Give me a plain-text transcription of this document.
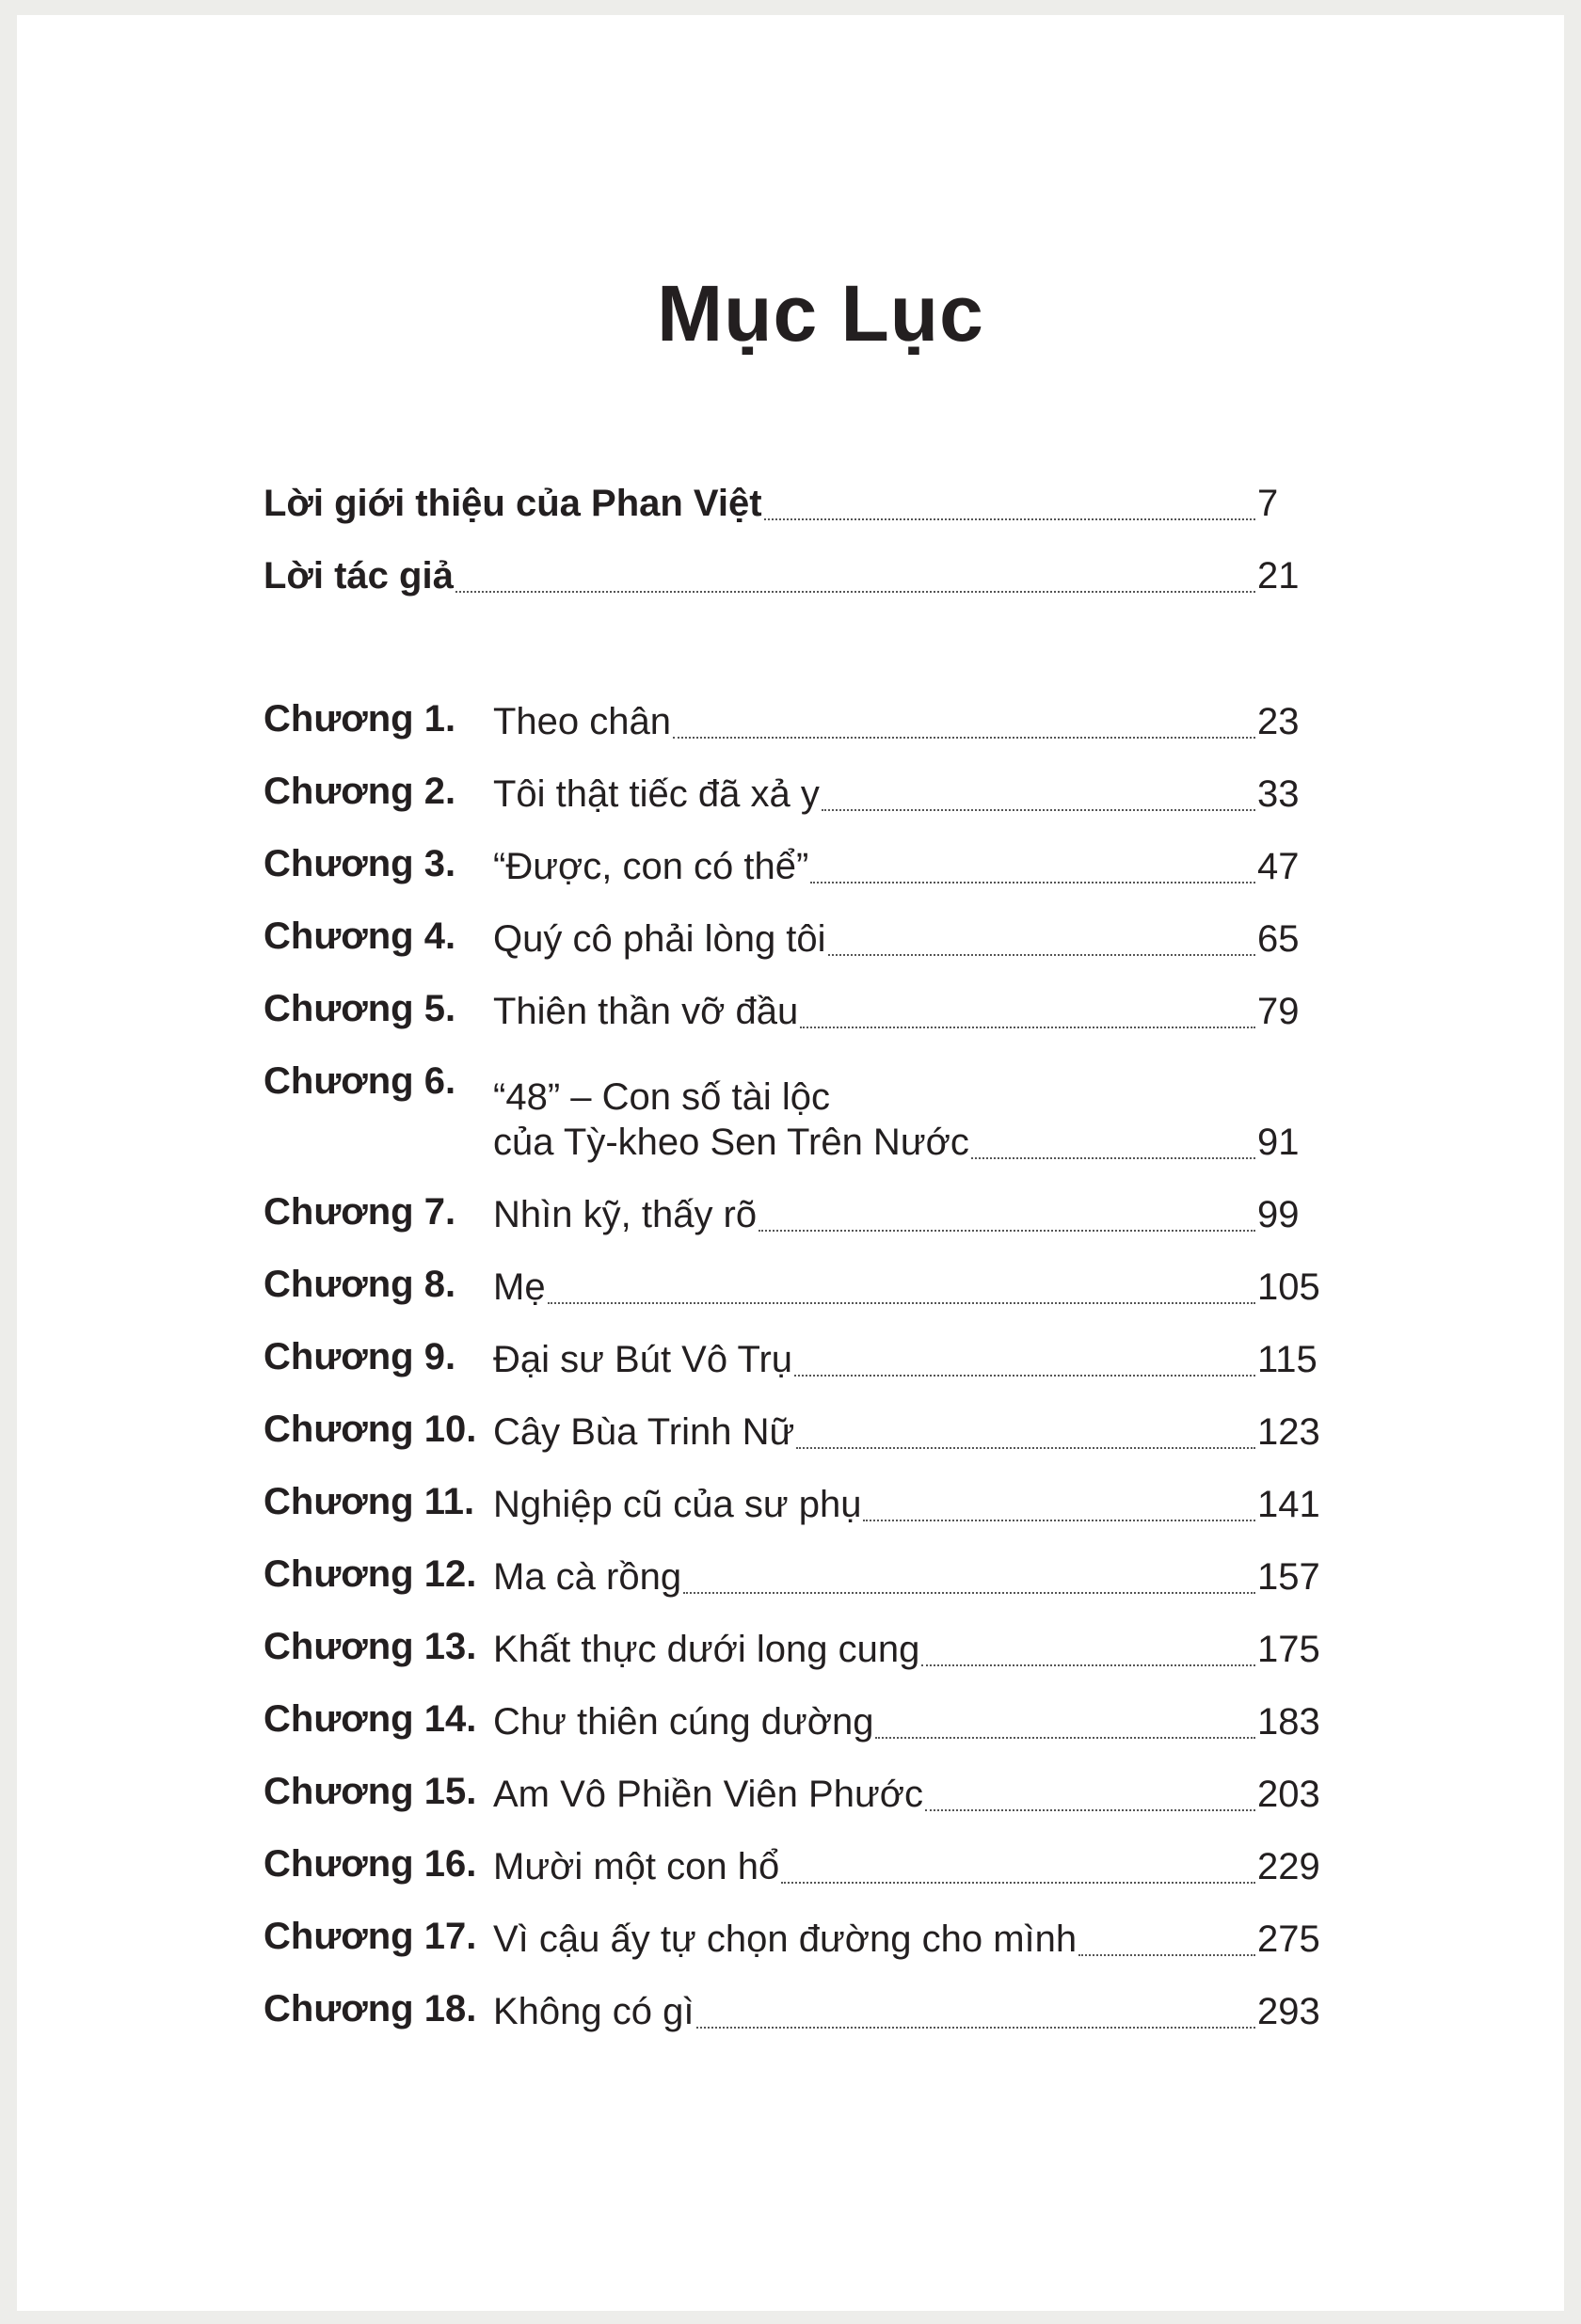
Mục Lục
Lời giới thiệu của Phan Việt	7
Lời tác giả	21
Chương 1. Theo chân	23
Chương 2. Tôi thật tiếc đã xả y	33
Chương 3. “Được, con có thể”	47
Chương 4. Quý cô phải lòng tôi	65
Chương 5. Thiên thần vỡ đầu	79
Chương 6. “48” – Con số tài lộc
của Tỳ-kheo Sen Trên Nước	91
Chương 7. Nhìn kỹ, thấy rõ	99
Chương 8. Mẹ	105
Chương 9. Đại sư Bút Vô Trụ	115
Chương 10. Cây Bùa Trinh Nữ	123
Chương 11. Nghiệp cũ của sư phụ	141
Chương 12. Ma cà rồng	157
Chương 13. Khất thực dưới long cung	175
Chương 14. Chư thiên cúng dường	183
Chương 15. Am Vô Phiền Viên Phước	203
Chương 16. Mười một con hổ	229
Chương 17. Vì cậu ấy tự chọn đường cho mình	275
Chương 18. Không có gì	293
